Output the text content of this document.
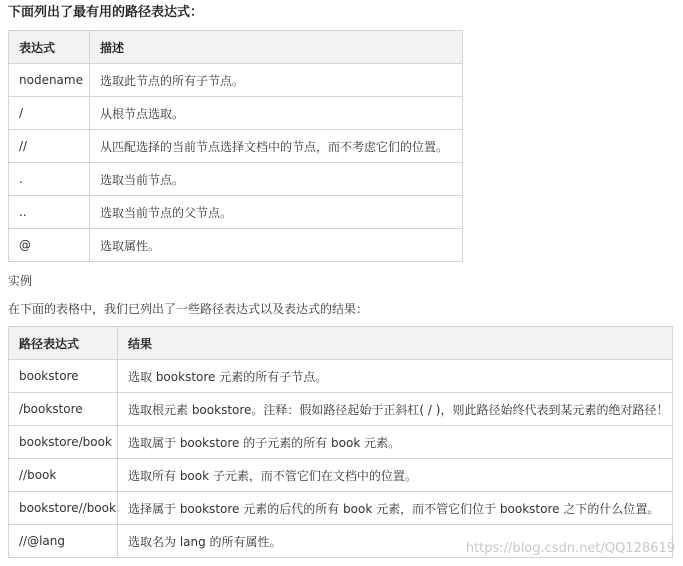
下面列出了最有用的路径表达式：
表达式	描述
nodename	选取此节点的所有子节点。
/	从根节点选取。
//	从匹配选择的当前节点选择文档中的节点，而不考虑它们的位置。
.	选取当前节点。
..	选取当前节点的父节点。
@	选取属性。
实例
在下面的表格中，我们已列出了一些路径表达式以及表达式的结果：
路径表达式	结果
bookstore	选取 bookstore 元素的所有子节点。
/bookstore	选取根元素 bookstore。注释：假如路径起始于正斜杠( / )，则此路径始终代表到某元素的绝对路径！
bookstore/book	选取属于 bookstore 的子元素的所有 book 元素。
//book	选取所有 book 子元素，而不管它们在文档中的位置。
bookstore//book	选择属于 bookstore 元素的后代的所有 book 元素，而不管它们位于 bookstore 之下的什么位置。
//@lang	选取名为 lang 的所有属性。	https://blog.csdn.net/QQ128619
